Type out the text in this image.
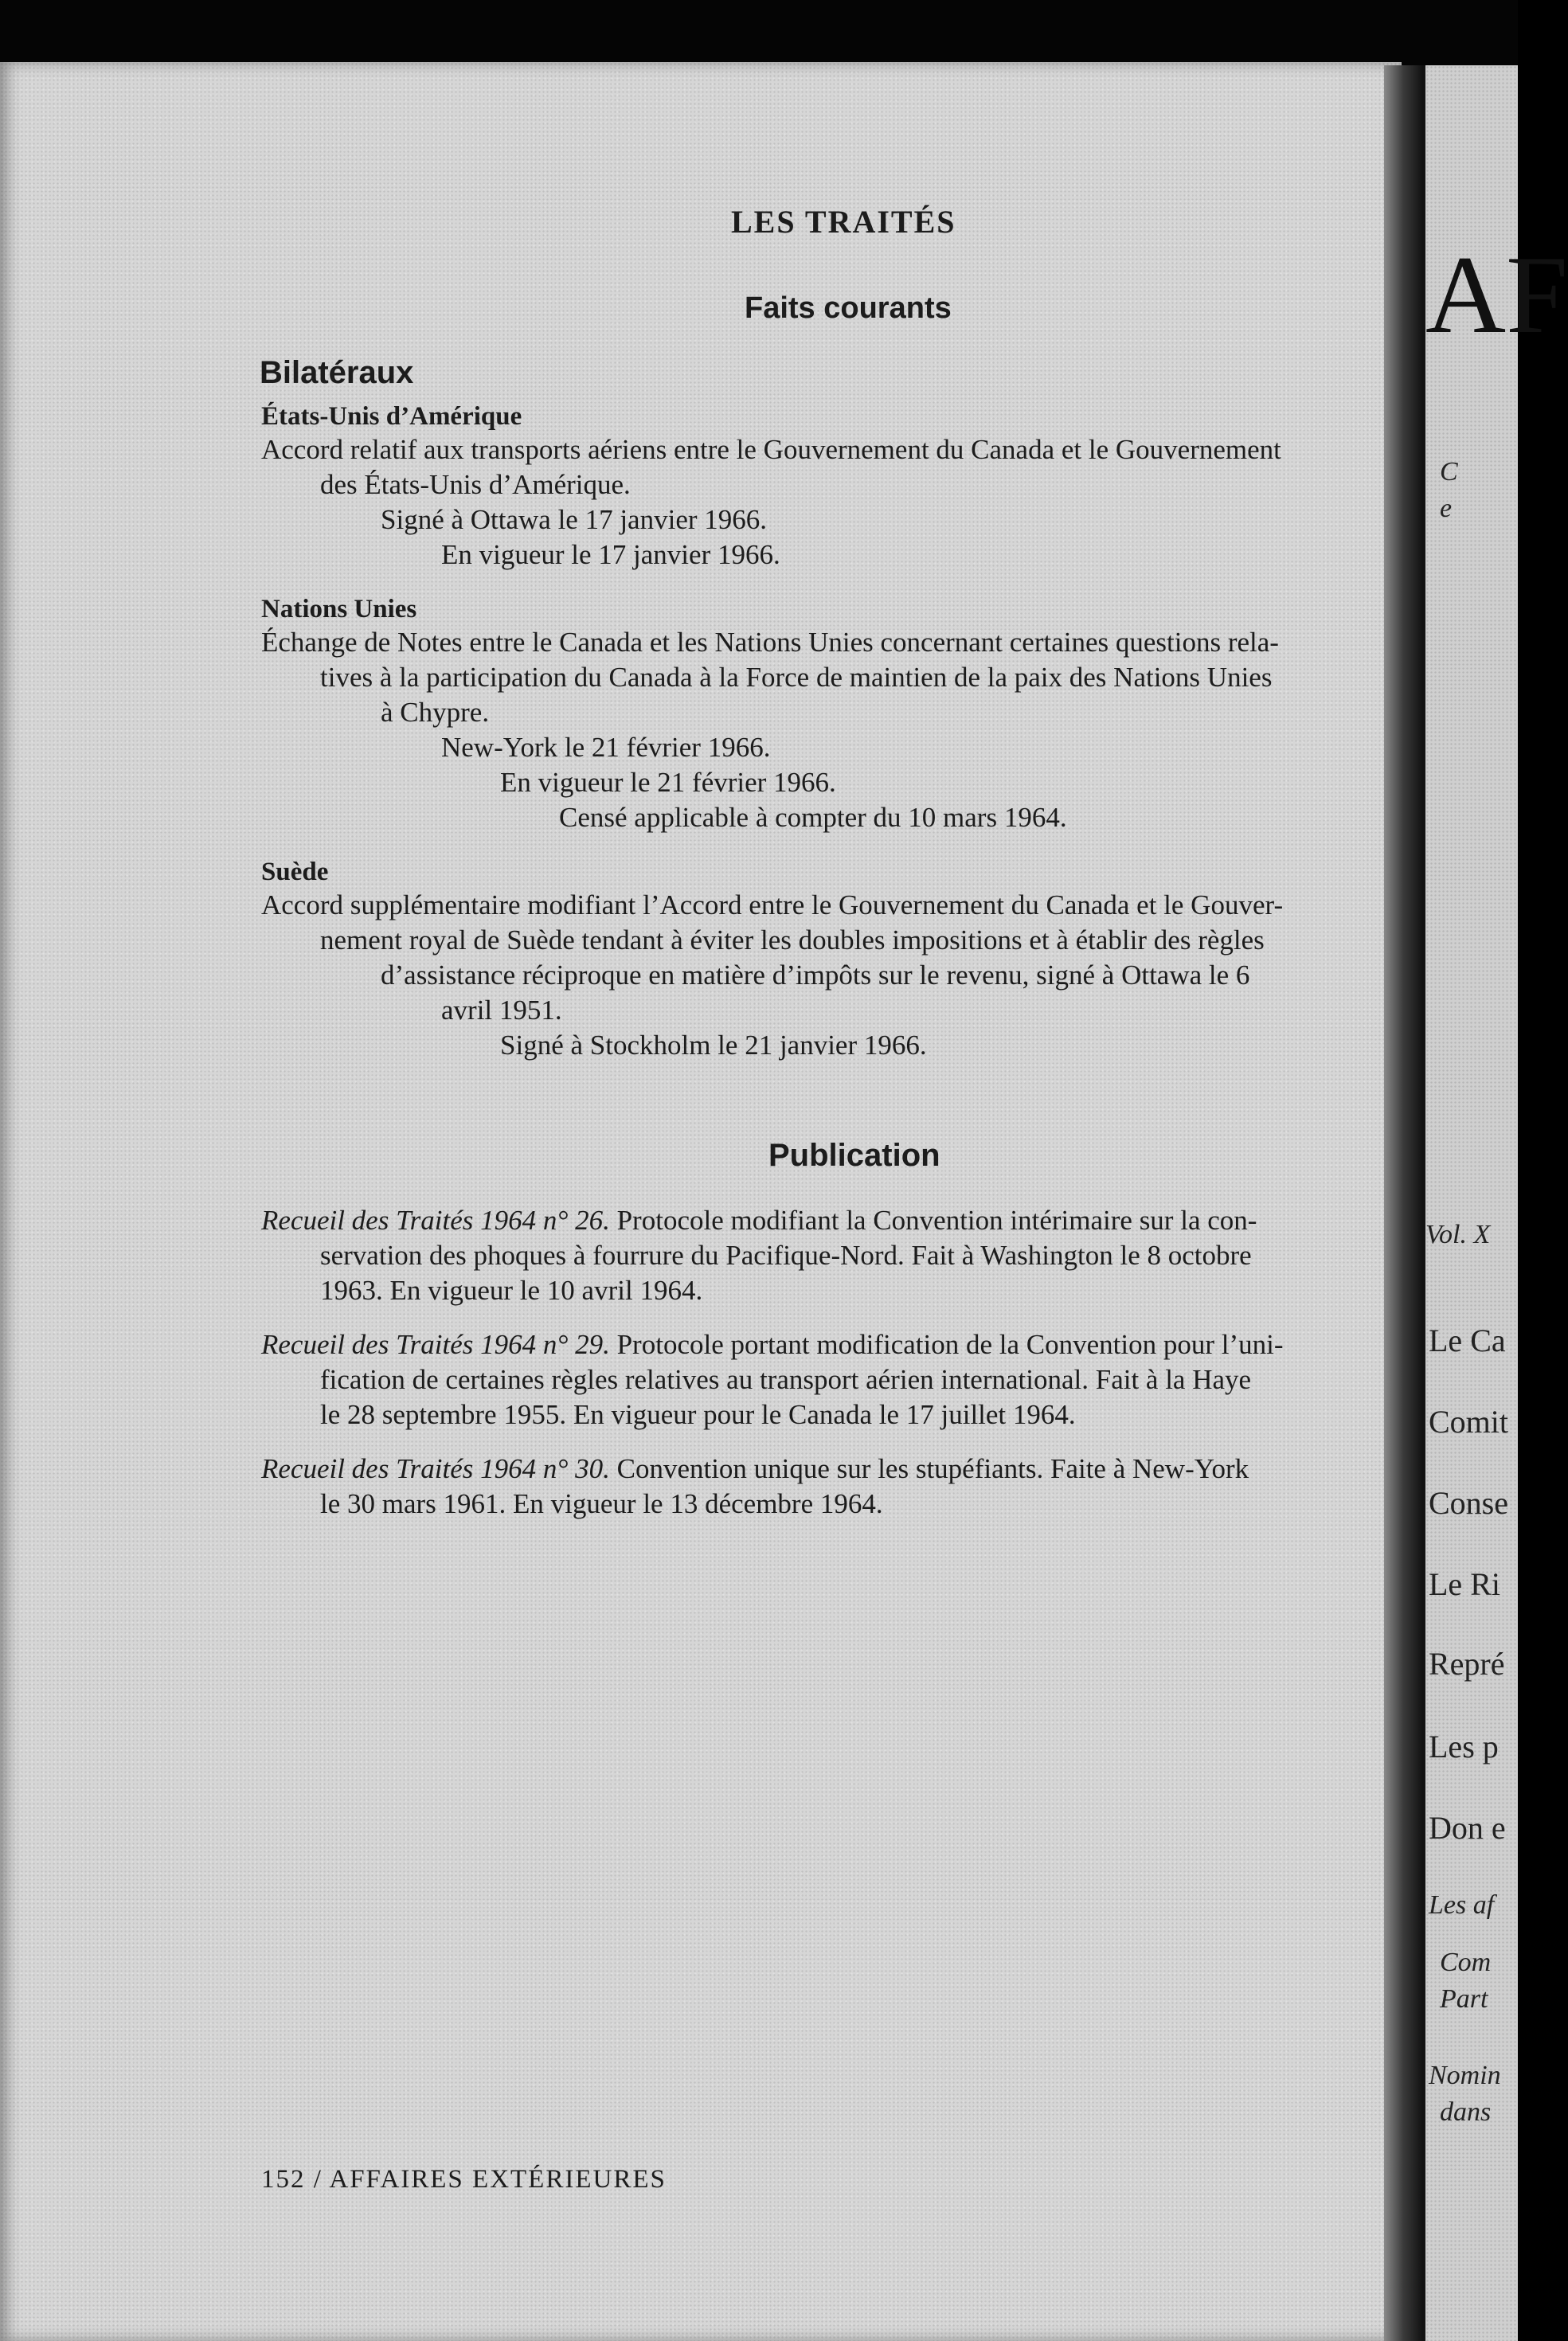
AF
C
e
Vol. X
Le Ca
Comit
Conse
Le Ri
Repré
Les p
Don e
Les af
Com
Part
Nomin
dans
LES TRAITÉS
Faits courants
Bilatéraux
États-Unis d’Amérique
Accord relatif aux transports aériens entre le Gouvernement du Canada et le Gouvernement
des États-Unis d’Amérique.
Signé à Ottawa le 17 janvier 1966.
En vigueur le 17 janvier 1966.
Nations Unies
Échange de Notes entre le Canada et les Nations Unies concernant certaines questions rela-
tives à la participation du Canada à la Force de maintien de la paix des Nations Unies
à Chypre.
New-York le 21 février 1966.
En vigueur le 21 février 1966.
Censé applicable à compter du 10 mars 1964.
Suède
Accord supplémentaire modifiant l’Accord entre le Gouvernement du Canada et le Gouver-
nement royal de Suède tendant à éviter les doubles impositions et à établir des règles
d’assistance réciproque en matière d’impôts sur le revenu, signé à Ottawa le 6
avril 1951.
Signé à Stockholm le 21 janvier 1966.
Publication
Recueil des Traités 1964 n° 26. Protocole modifiant la Convention intérimaire sur la con-
servation des phoques à fourrure du Pacifique-Nord. Fait à Washington le 8 octobre
1963. En vigueur le 10 avril 1964.
Recueil des Traités 1964 n° 29. Protocole portant modification de la Convention pour l’uni-
fication de certaines règles relatives au transport aérien international. Fait à la Haye
le 28 septembre 1955. En vigueur pour le Canada le 17 juillet 1964.
Recueil des Traités 1964 n° 30. Convention unique sur les stupéfiants. Faite à New-York
le 30 mars 1961. En vigueur le 13 décembre 1964.
152 / AFFAIRES EXTÉRIEURES
